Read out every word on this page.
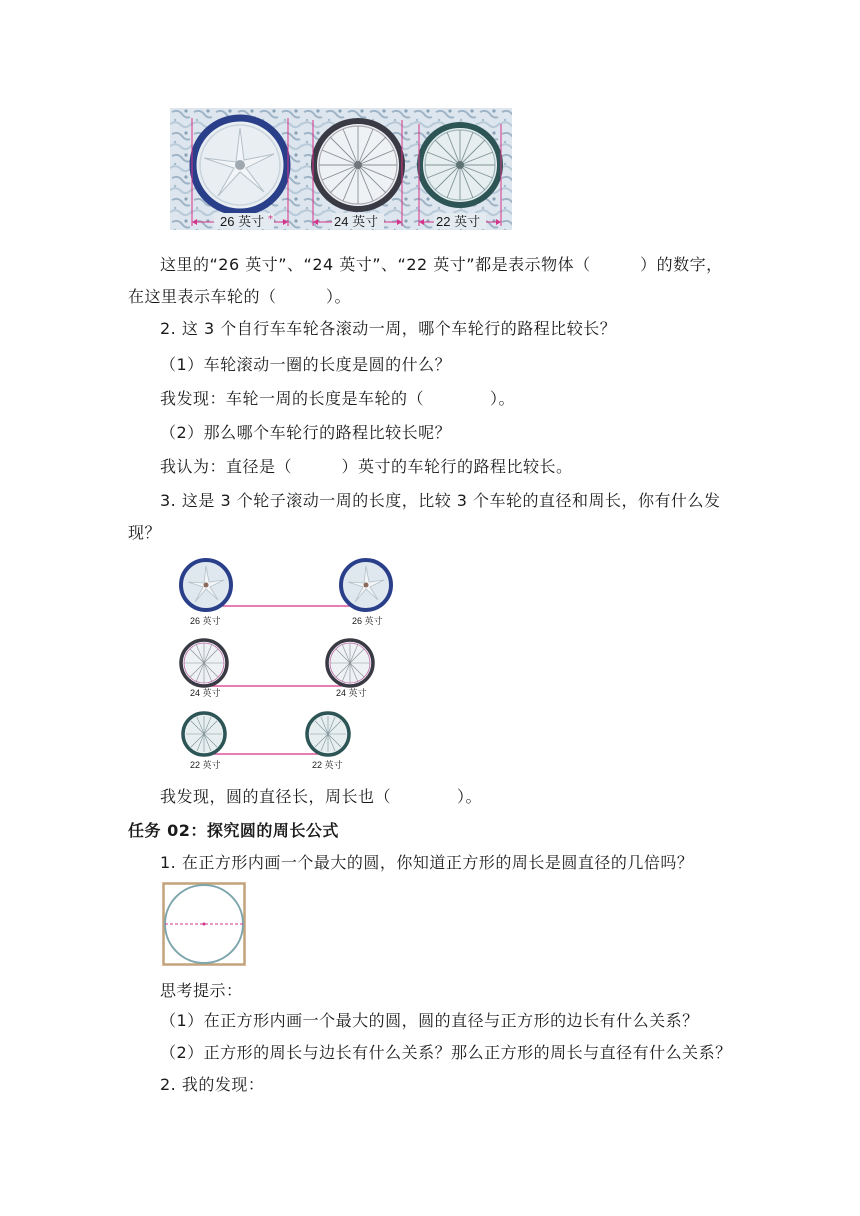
26 英寸 *	24 英寸	22 英寸
这里的“26 英寸”、“24 英寸”、“22 英寸”都是表示物体（　　　）的数字，
在这里表示车轮的（　　　）。
2. 这 3 个自行车车轮各滚动一周，哪个车轮行的路程比较长？
（1）车轮滚动一圈的长度是圆的什么？
我发现：车轮一周的长度是车轮的（　　　　）。
（2）那么哪个车轮行的路程比较长呢？
我认为：直径是（　　　）英寸的车轮行的路程比较长。
3. 这是 3 个轮子滚动一周的长度，比较 3 个车轮的直径和周长，你有什么发
现？
26 英寸	26 英寸
24 英寸	24 英寸
22 英寸	22 英寸
我发现，圆的直径长，周长也（　　　　）。
任务 02：探究圆的周长公式
1. 在正方形内画一个最大的圆，你知道正方形的周长是圆直径的几倍吗？
思考提示：
（1）在正方形内画一个最大的圆，圆的直径与正方形的边长有什么关系？
（2）正方形的周长与边长有什么关系？那么正方形的周长与直径有什么关系？
2. 我的发现：
